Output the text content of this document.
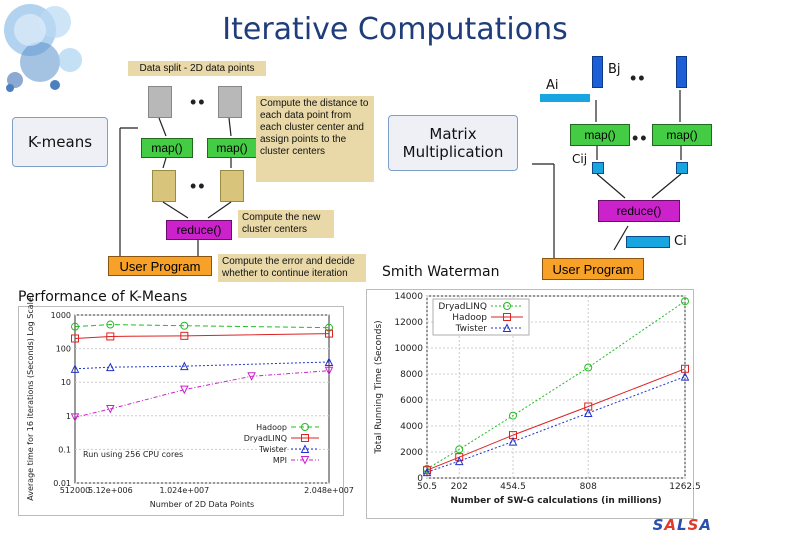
Iterative Computations
K-means
Data split - 2D data points
••
map()	map()
Compute the distance to each data point from each cluster center and assign points to the cluster centers
••
reduce()
Compute the new cluster centers
User Program	Compute the error and decide whether to continue iteration
Matrix Multiplication
Ai
Bj ••
map() ••	map()
Cij
reduce()
Ci
User Program
Smith Waterman
Performance of K-Means
0.01
0.1
1
10
100
1000
512000
5.12e+006	1.024e+007	2.048e+007
Number of 2D Data Points
Average time for 16 iterations (Seconds) Log Scale	Run using 256 CPU cores
Hadoop
DryadLINQ
Twister
MPI
0
2000
4000
6000
8000
10000
12000
14000
50.5 202	454.5	808	1262.5
Number of SW-G calculations (in millions)
Total Running Time (Seconds)
DryadLINQ
Hadoop
Twister
SALSA
